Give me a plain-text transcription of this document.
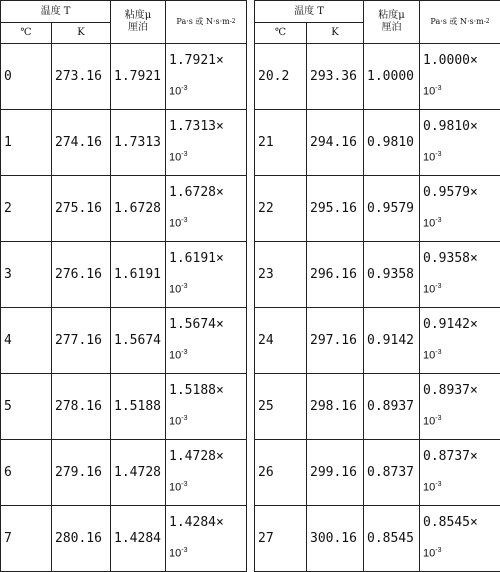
温度 T		粘度μ
厘泊	Pa·s 或 $N\cdot s\cdot m^{-2}$
℃	K		
0	273.16	1.7921	1.7921×
$10^{-3}$

1	274.16	1.7313	1.7313×
$10^{-3}$

2	275.16	1.6728	1.6728×
$10^{-3}$

3	276.16	1.6191	1.6191×
$10^{-3}$

4	277.16	1.5674	1.5674×
$10^{-3}$

5	278.16	1.5188	1.5188×
$10^{-3}$

6	279.16	1.4728	1.4728×
$10^{-3}$

7	280.16	1.4284	1.4284×
$10^{-3}$
温度 T		粘度μ
厘泊	Pa·s 或 $N\cdot s\cdot m^{-2}$
℃	K		
20.2	293.36	1.0000	1.0000×
$10^{-3}$

21	294.16	0.9810	0.9810×
$10^{-3}$

22	295.16	0.9579	0.9579×
$10^{-3}$

23	296.16	0.9358	0.9358×
$10^{-3}$

24	297.16	0.9142	0.9142×
$10^{-3}$

25	298.16	0.8937	0.8937×
$10^{-3}$

26	299.16	0.8737	0.8737×
$10^{-3}$

27	300.16	0.8545	0.8545×
$10^{-3}$
